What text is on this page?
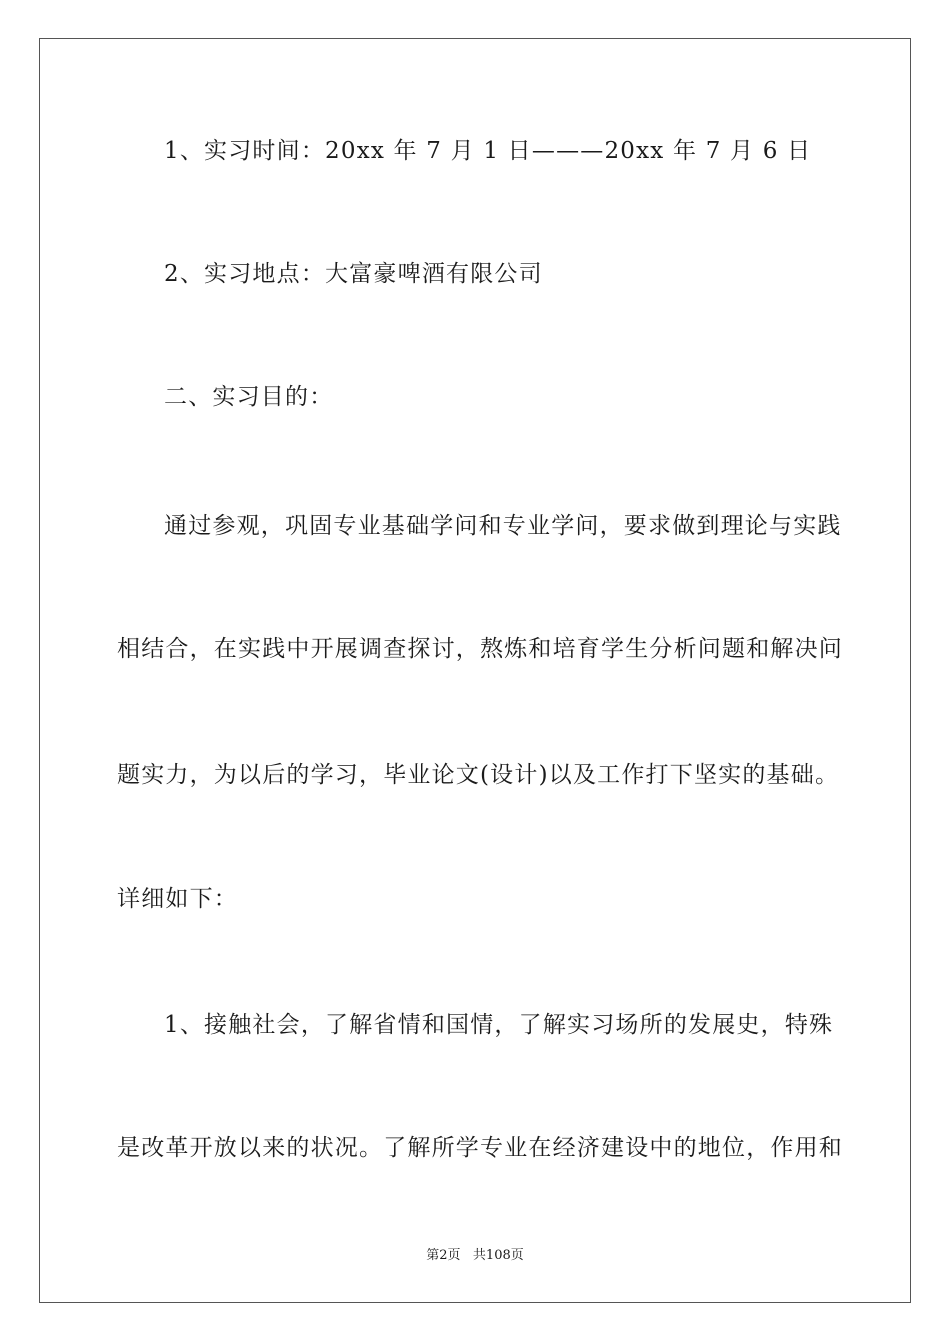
1、实习时间：20xx 年 7 月 1 日———20xx 年 7 月 6 日
2、实习地点：大富豪啤酒有限公司
二、实习目的：
通过参观，巩固专业基础学问和专业学问，要求做到理论与实践
相结合，在实践中开展调查探讨，熬炼和培育学生分析问题和解决问
题实力，为以后的学习，毕业论文(设计)以及工作打下坚实的基础。
详细如下：
1、接触社会，了解省情和国情，了解实习场所的发展史，特殊
是改革开放以来的状况。了解所学专业在经济建设中的地位，作用和
第2页   共108页
